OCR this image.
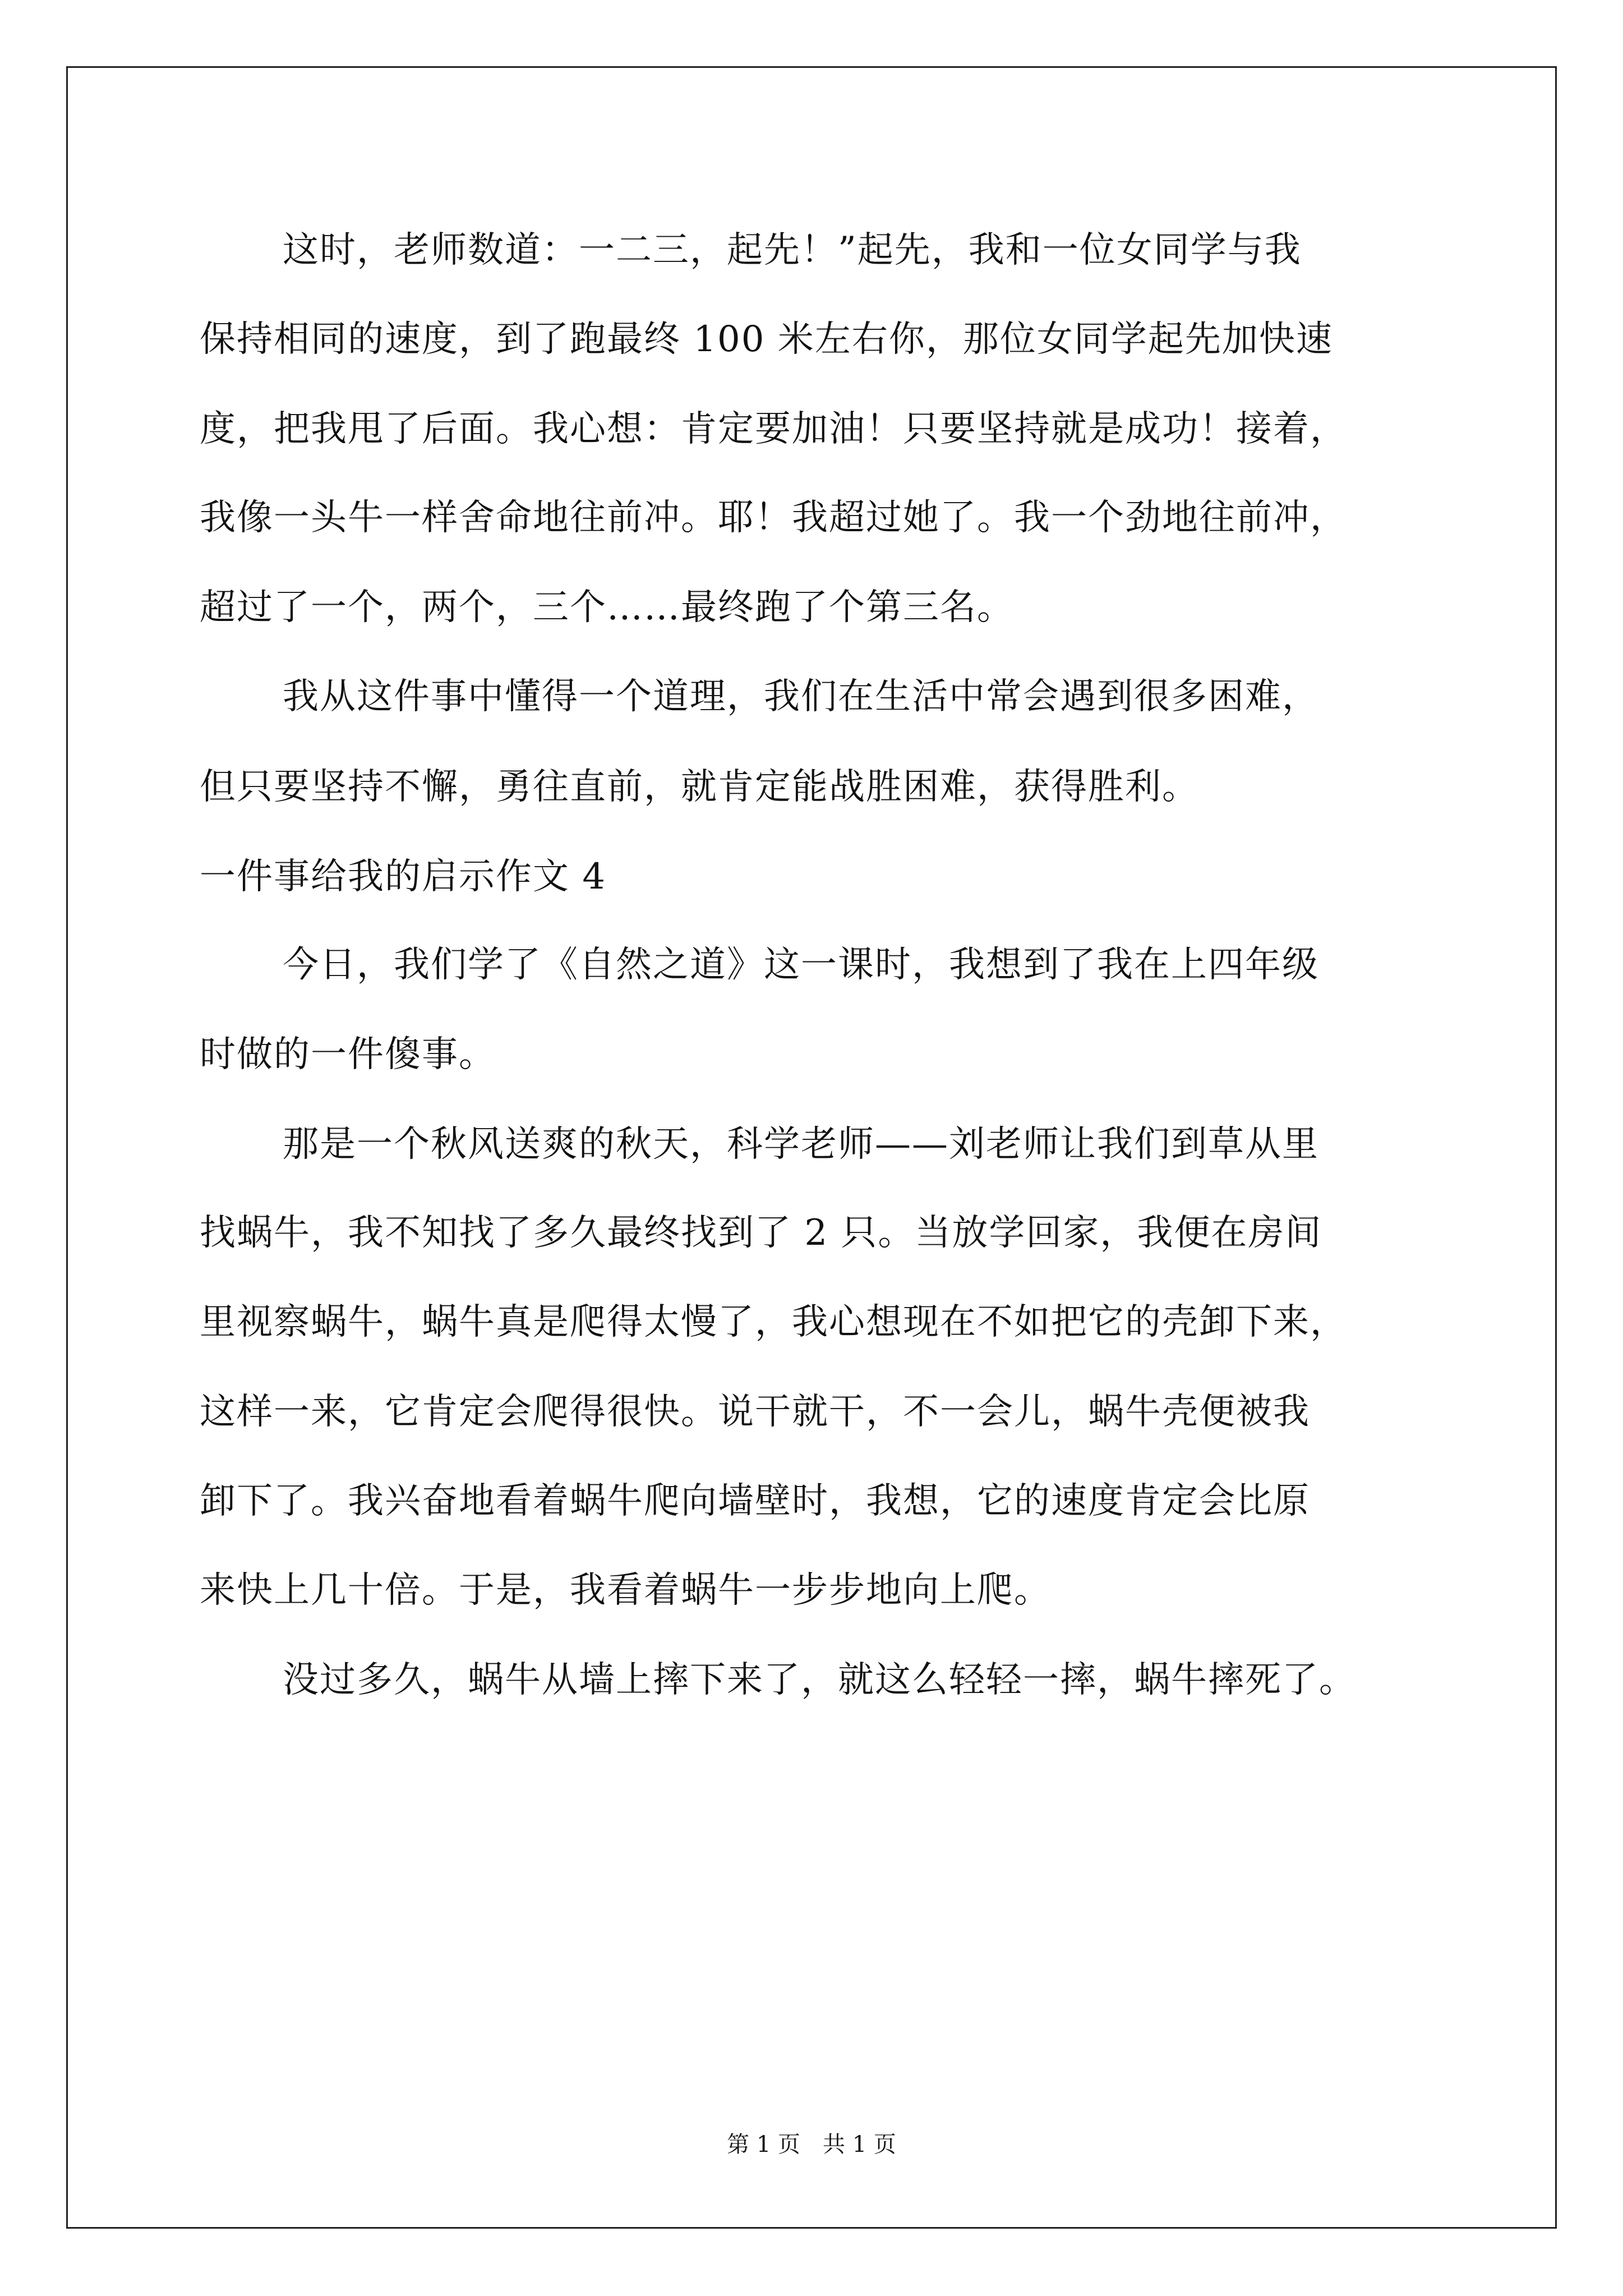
这时，老师数道：一二三，起先！”起先，我和一位女同学与我
保持相同的速度，到了跑最终 100 米左右你，那位女同学起先加快速
度，把我甩了后面。我心想：肯定要加油！只要坚持就是成功！接着，
我像一头牛一样舍命地往前冲。耶！我超过她了。我一个劲地往前冲，
超过了一个，两个，三个……最终跑了个第三名。
我从这件事中懂得一个道理，我们在生活中常会遇到很多困难，
但只要坚持不懈，勇往直前，就肯定能战胜困难，获得胜利。
一件事给我的启示作文 4
今日，我们学了《自然之道》这一课时，我想到了我在上四年级
时做的一件傻事。
那是一个秋风送爽的秋天，科学老师——刘老师让我们到草从里
找蜗牛，我不知找了多久最终找到了 2 只。当放学回家，我便在房间
里视察蜗牛，蜗牛真是爬得太慢了，我心想现在不如把它的壳卸下来，
这样一来，它肯定会爬得很快。说干就干，不一会儿，蜗牛壳便被我
卸下了。我兴奋地看着蜗牛爬向墙壁时，我想，它的速度肯定会比原
来快上几十倍。于是，我看着蜗牛一步步地向上爬。
没过多久，蜗牛从墙上摔下来了，就这么轻轻一摔，蜗牛摔死了。
第 1 页　共 1 页
